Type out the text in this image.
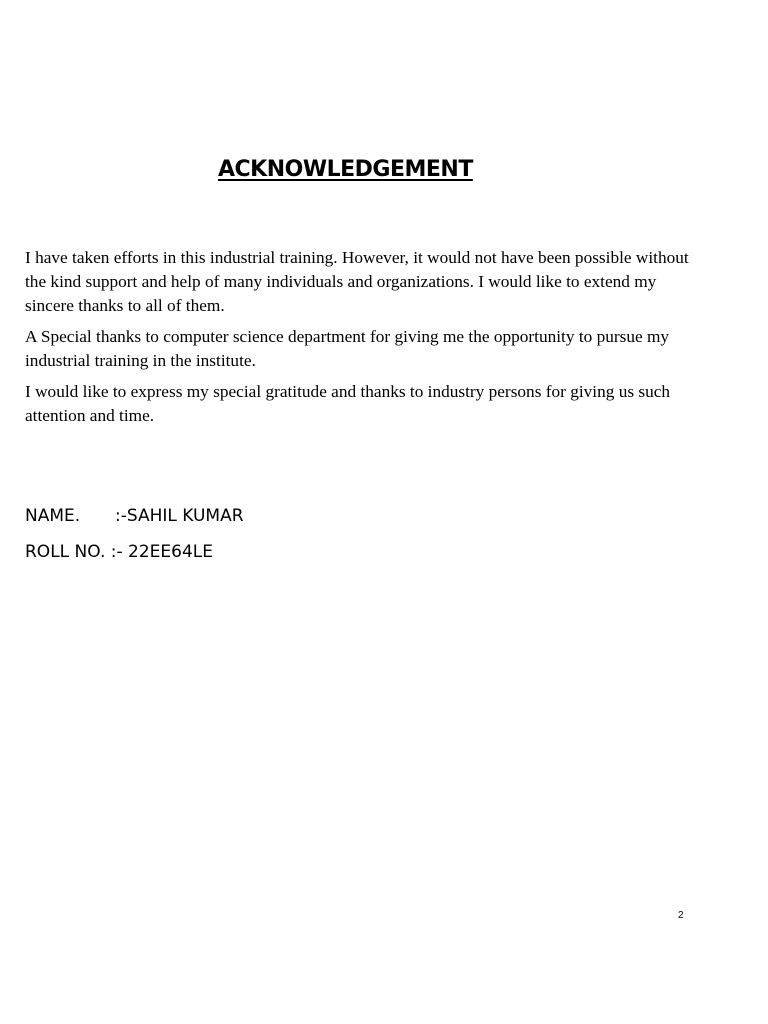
ACKNOWLEDGEMENT

I have taken efforts in this industrial training. However, it would not have been possible without the kind support and help of many individuals and organizations. I would like to extend my sincere thanks to all of them.

A Special thanks to computer science department for giving me the opportunity to pursue my industrial training in the institute.

I would like to express my special gratitude and thanks to industry persons for giving us such attention and time.

NAME. :-SAHIL KUMAR
ROLL NO. :- 22EE64LE
2
